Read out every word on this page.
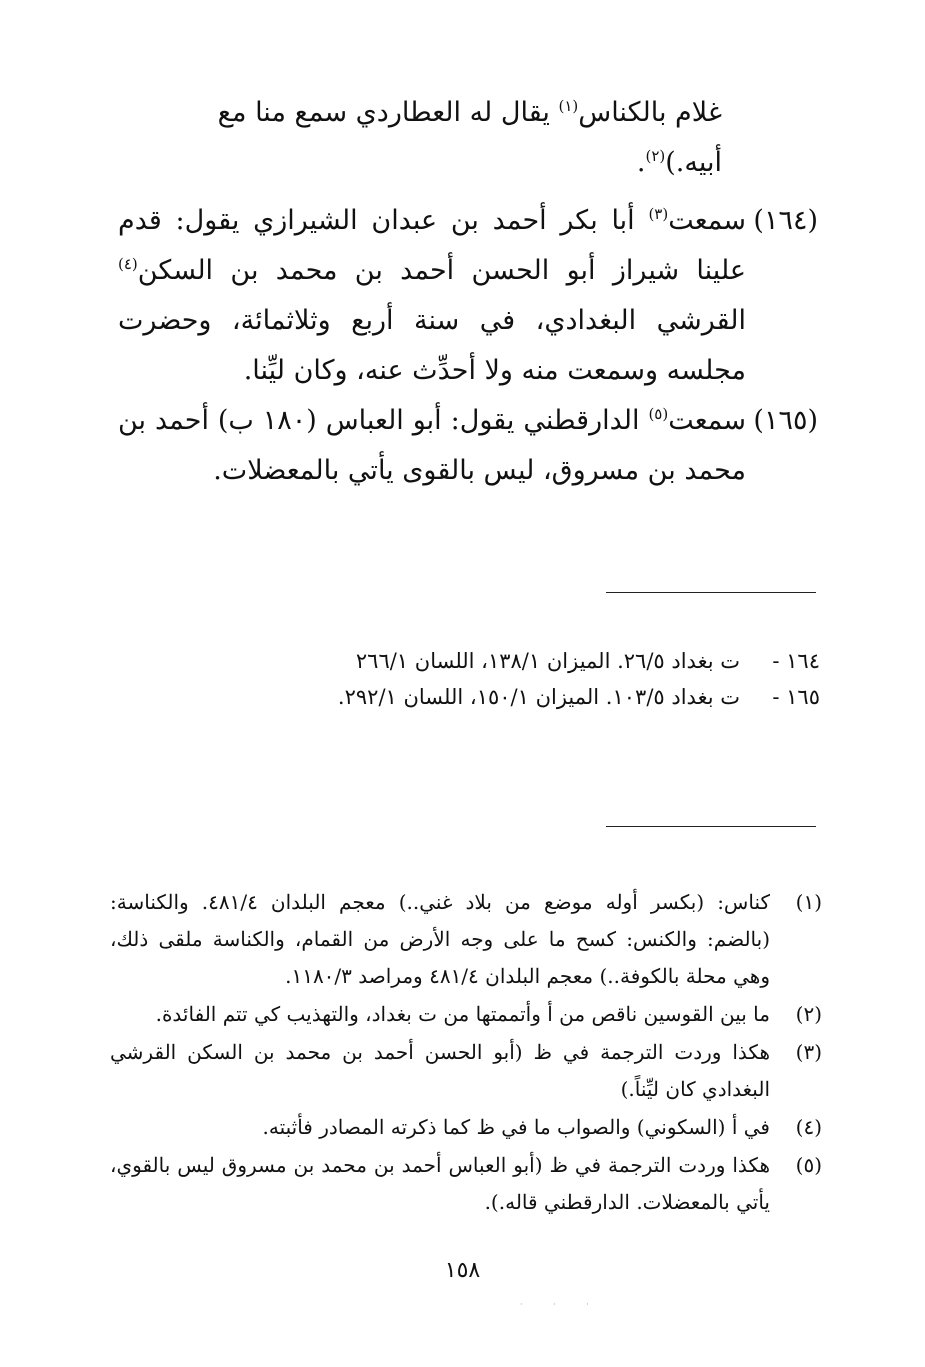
غلام بالكناس$^{(١)}$ يقال له العطاردي سمع منا مع
أبيه.)$^{(٢)}$.
(١٦٤)
سمعت$^{(٣)}$ أبا بكر أحمد بن عبدان الشيرازي يقول: قدم علينا شيراز أبو الحسن أحمد بن محمد بن السكن$^{(٤)}$ القرشي البغدادي، في سنة أربع وثلاثمائة، وحضرت مجلسه وسمعت منه ولا أحدِّث عنه، وكان ليِّنا.
(١٦٥)
سمعت$^{(٥)}$ الدارقطني يقول: أبو العباس (١٨٠ ب) أحمد بن محمد بن مسروق، ليس بالقوى يأتي بالمعضلات.
١٦٤ -
ت بغداد ٢٦/٥. الميزان ١٣٨/١، اللسان ٢٦٦/١
١٦٥ -
ت بغداد ١٠٣/٥. الميزان ١٥٠/١، اللسان ٢٩٢/١.
(١)
كناس: (بكسر أوله موضع من بلاد غني..) معجم البلدان ٤٨١/٤. والكناسة: (بالضم: والكنس: كسح ما على وجه الأرض من القمام، والكناسة ملقى ذلك، وهي محلة بالكوفة..) معجم البلدان ٤٨١/٤ ومراصد ١١٨٠/٣.
(٢)
ما بين القوسين ناقص من أ وأتممتها من ت بغداد، والتهذيب كي تتم الفائدة.
(٣)
هكذا وردت الترجمة في ظ (أبو الحسن أحمد بن محمد بن السكن القرشي البغدادي كان ليِّناً.)
(٤)
في أ (السكوني) والصواب ما في ظ كما ذكرته المصادر فأثبته.
(٥)
هكذا وردت الترجمة في ظ (أبو العباس أحمد بن محمد بن مسروق ليس بالقوي، يأتي بالمعضلات. الدارقطني قاله.).
١٥٨
· · ·
